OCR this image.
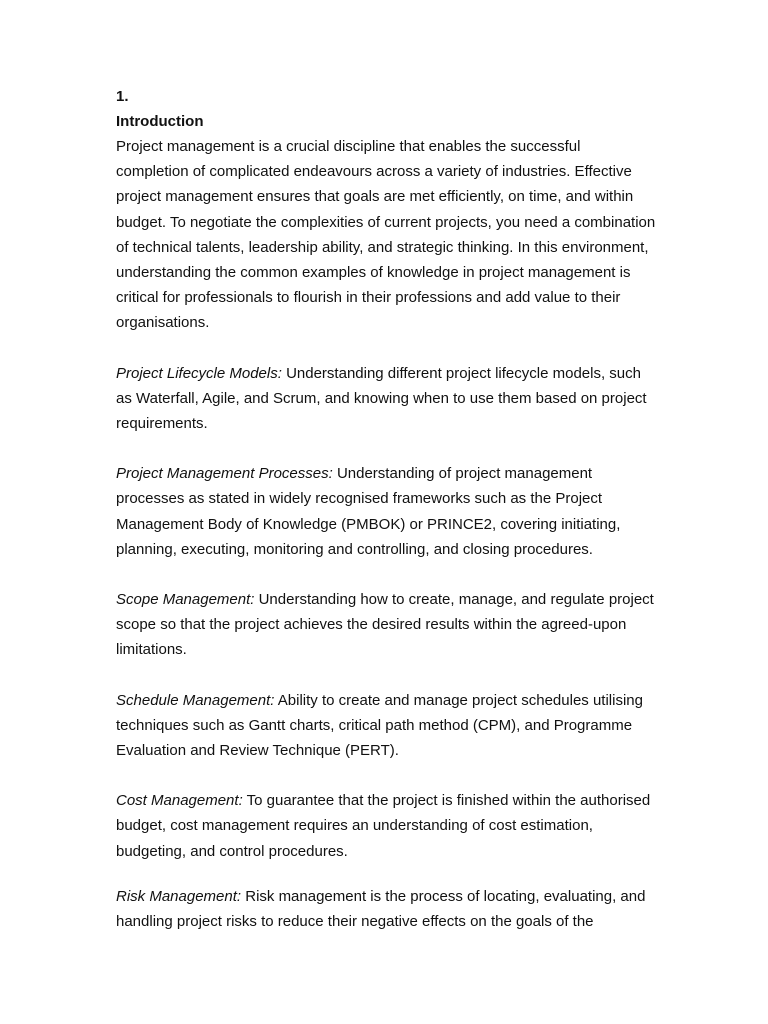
1.

Introduction

Project management is a crucial discipline that enables the successful completion of complicated endeavours across a variety of industries. Effective project management ensures that goals are met efficiently, on time, and within budget. To negotiate the complexities of current projects, you need a combination of technical talents, leadership ability, and strategic thinking. In this environment, understanding the common examples of knowledge in project management is critical for professionals to flourish in their professions and add value to their organisations.

Project Lifecycle Models: Understanding different project lifecycle models, such as Waterfall, Agile, and Scrum, and knowing when to use them based on project requirements.

Project Management Processes: Understanding of project management processes as stated in widely recognised frameworks such as the Project Management Body of Knowledge (PMBOK) or PRINCE2, covering initiating, planning, executing, monitoring and controlling, and closing procedures.

Scope Management: Understanding how to create, manage, and regulate project scope so that the project achieves the desired results within the agreed-upon limitations.

Schedule Management: Ability to create and manage project schedules utilising techniques such as Gantt charts, critical path method (CPM), and Programme Evaluation and Review Technique (PERT).

Cost Management: To guarantee that the project is finished within the authorised budget, cost management requires an understanding of cost estimation, budgeting, and control procedures.

Risk Management: Risk management is the process of locating, evaluating, and handling project risks to reduce their negative effects on the goals of the
